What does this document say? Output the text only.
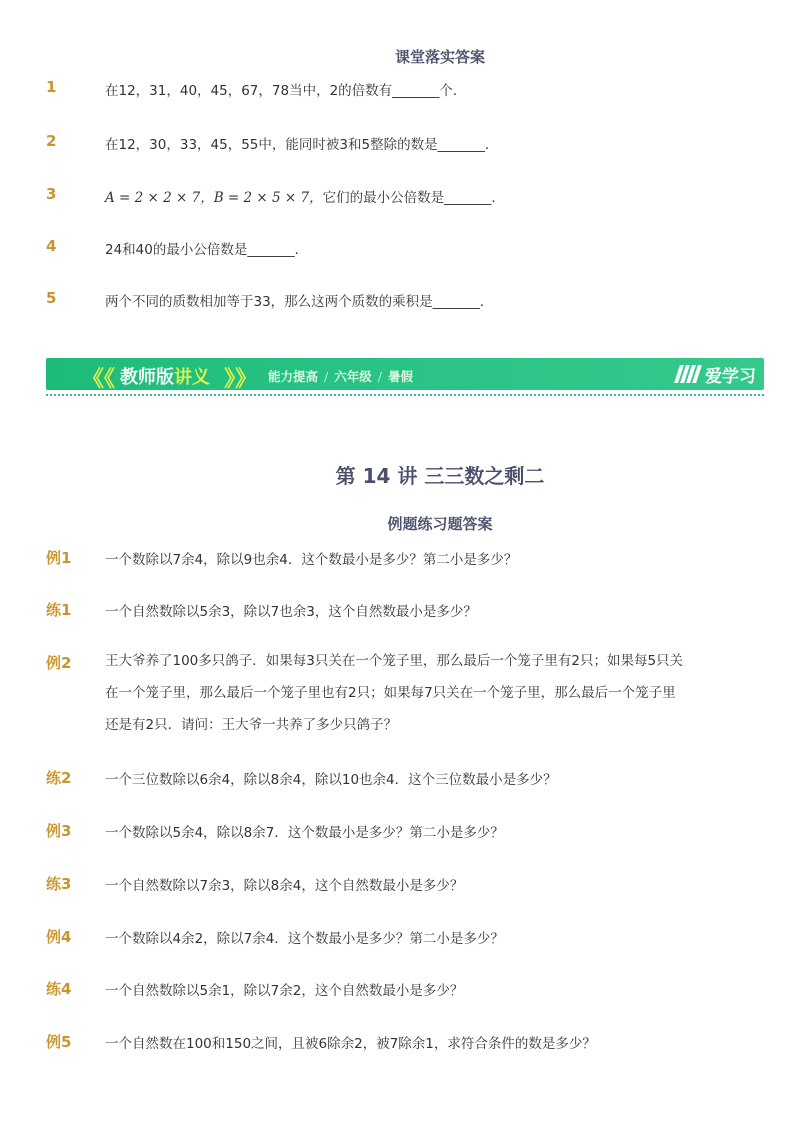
课堂落实答案
1	在12，31，40，45，67，78当中，2的倍数有_______个．
2	在12，30，33，45，55中，能同时被3和5整除的数是_______．
3	A = 2 × 2 × 7，B = 2 × 5 × 7，它们的最小公倍数是_______．
4	24和40的最小公倍数是_______．
5	两个不同的质数相加等于33，那么这两个质数的乘积是_______．
《《 教师版讲义 》》 能力提高 / 六年级 / 暑假	爱学习
第 14 讲 三三数之剩二
例题练习题答案
例1 一个数除以7余4，除以9也余4．这个数最小是多少？第二小是多少？
练1 一个自然数除以5余3，除以7也余3，这个自然数最小是多少？
例2 王大爷养了100多只鸽子．如果每3只关在一个笼子里，那么最后一个笼子里有2只；如果每5只关
在一个笼子里，那么最后一个笼子里也有2只；如果每7只关在一个笼子里，那么最后一个笼子里
还是有2只．请问：王大爷一共养了多少只鸽子？
练2 一个三位数除以6余4，除以8余4，除以10也余4．这个三位数最小是多少？
例3 一个数除以5余4，除以8余7．这个数最小是多少？第二小是多少？
练3 一个自然数除以7余3，除以8余4，这个自然数最小是多少？
例4 一个数除以4余2，除以7余4．这个数最小是多少？第二小是多少？
练4 一个自然数除以5余1，除以7余2，这个自然数最小是多少？
例5 一个自然数在100和150之间，且被6除余2，被7除余1，求符合条件的数是多少？
